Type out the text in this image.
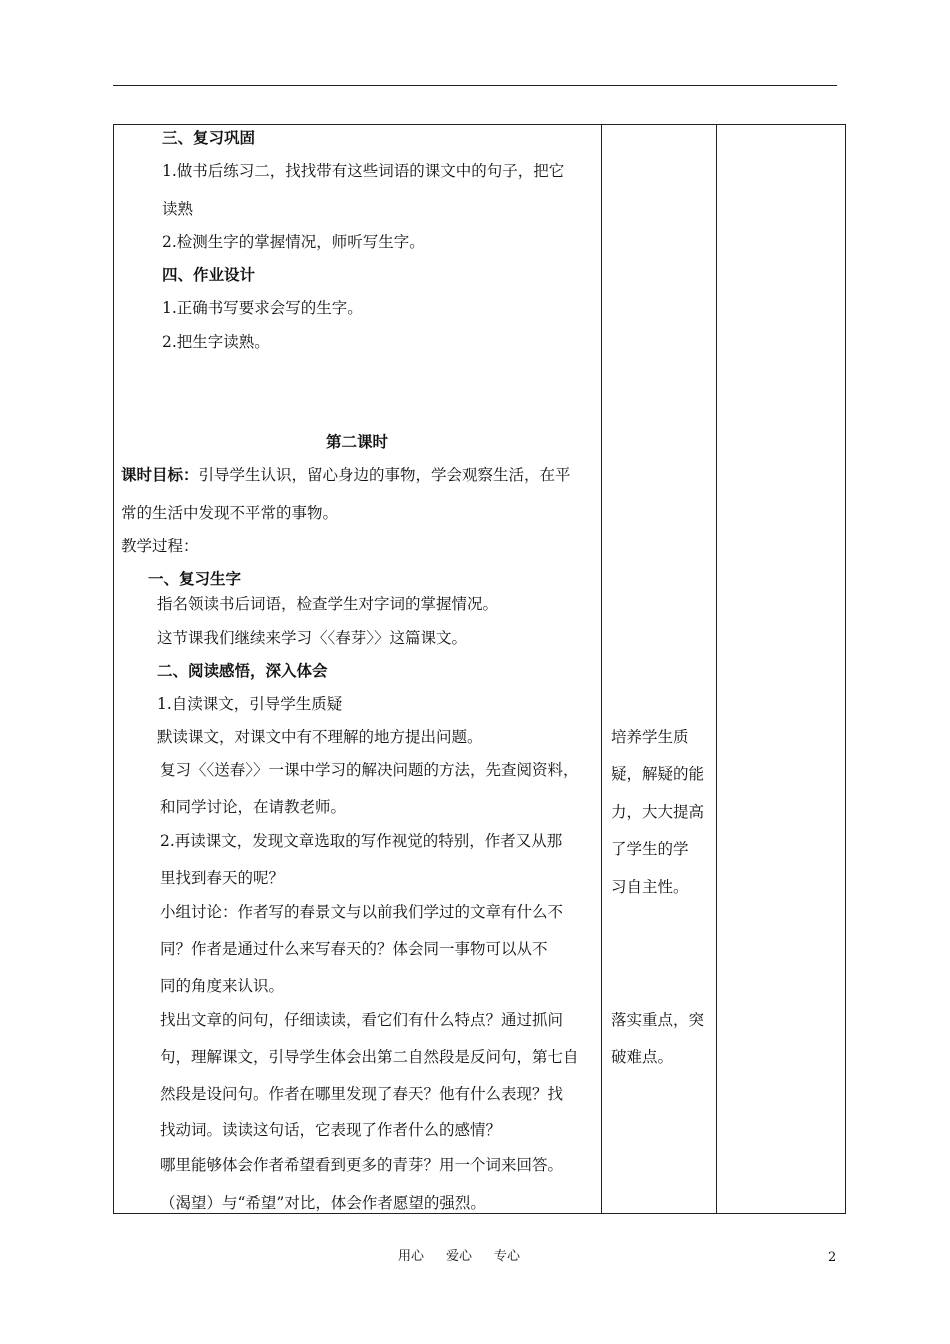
三、复习巩固
1.做书后练习二，找找带有这些词语的课文中的句子，把它
读熟
2.检测生字的掌握情况，师听写生字。
四、作业设计
1.正确书写要求会写的生字。
2.把生字读熟。
第二课时
课时目标：引导学生认识，留心身边的事物，学会观察生活，在平
常的生活中发现不平常的事物。
教学过程：
一、复习生字
指名领读书后词语，检查学生对字词的掌握情况。
这节课我们继续来学习〈〈春芽〉〉这篇课文。
二、阅读感悟，深入体会
1.自渎课文，引导学生质疑
默读课文，对课文中有不理解的地方提出问题。
复习〈〈送春〉〉一课中学习的解决问题的方法，先查阅资料，
和同学讨论，在请教老师。
2.再读课文，发现文章选取的写作视觉的特别，作者又从那
里找到春天的呢？
小组讨论：作者写的春景文与以前我们学过的文章有什么不
同？作者是通过什么来写春天的？体会同一事物可以从不
同的角度来认识。
找出文章的问句，仔细读读，看它们有什么特点？通过抓问
句，理解课文，引导学生体会出第二自然段是反问句，第七自
然段是设问句。作者在哪里发现了春天？他有什么表现？找
找动词。读读这句话，它表现了作者什么的感情？
哪里能够体会作者希望看到更多的青芽？用一个词来回答。
（渴望）与“希望”对比，体会作者愿望的强烈。
培养学生质
疑，解疑的能
力，大大提高
了学生的学
习自主性。
落实重点，突
破难点。
用心 爱心 专心	2
